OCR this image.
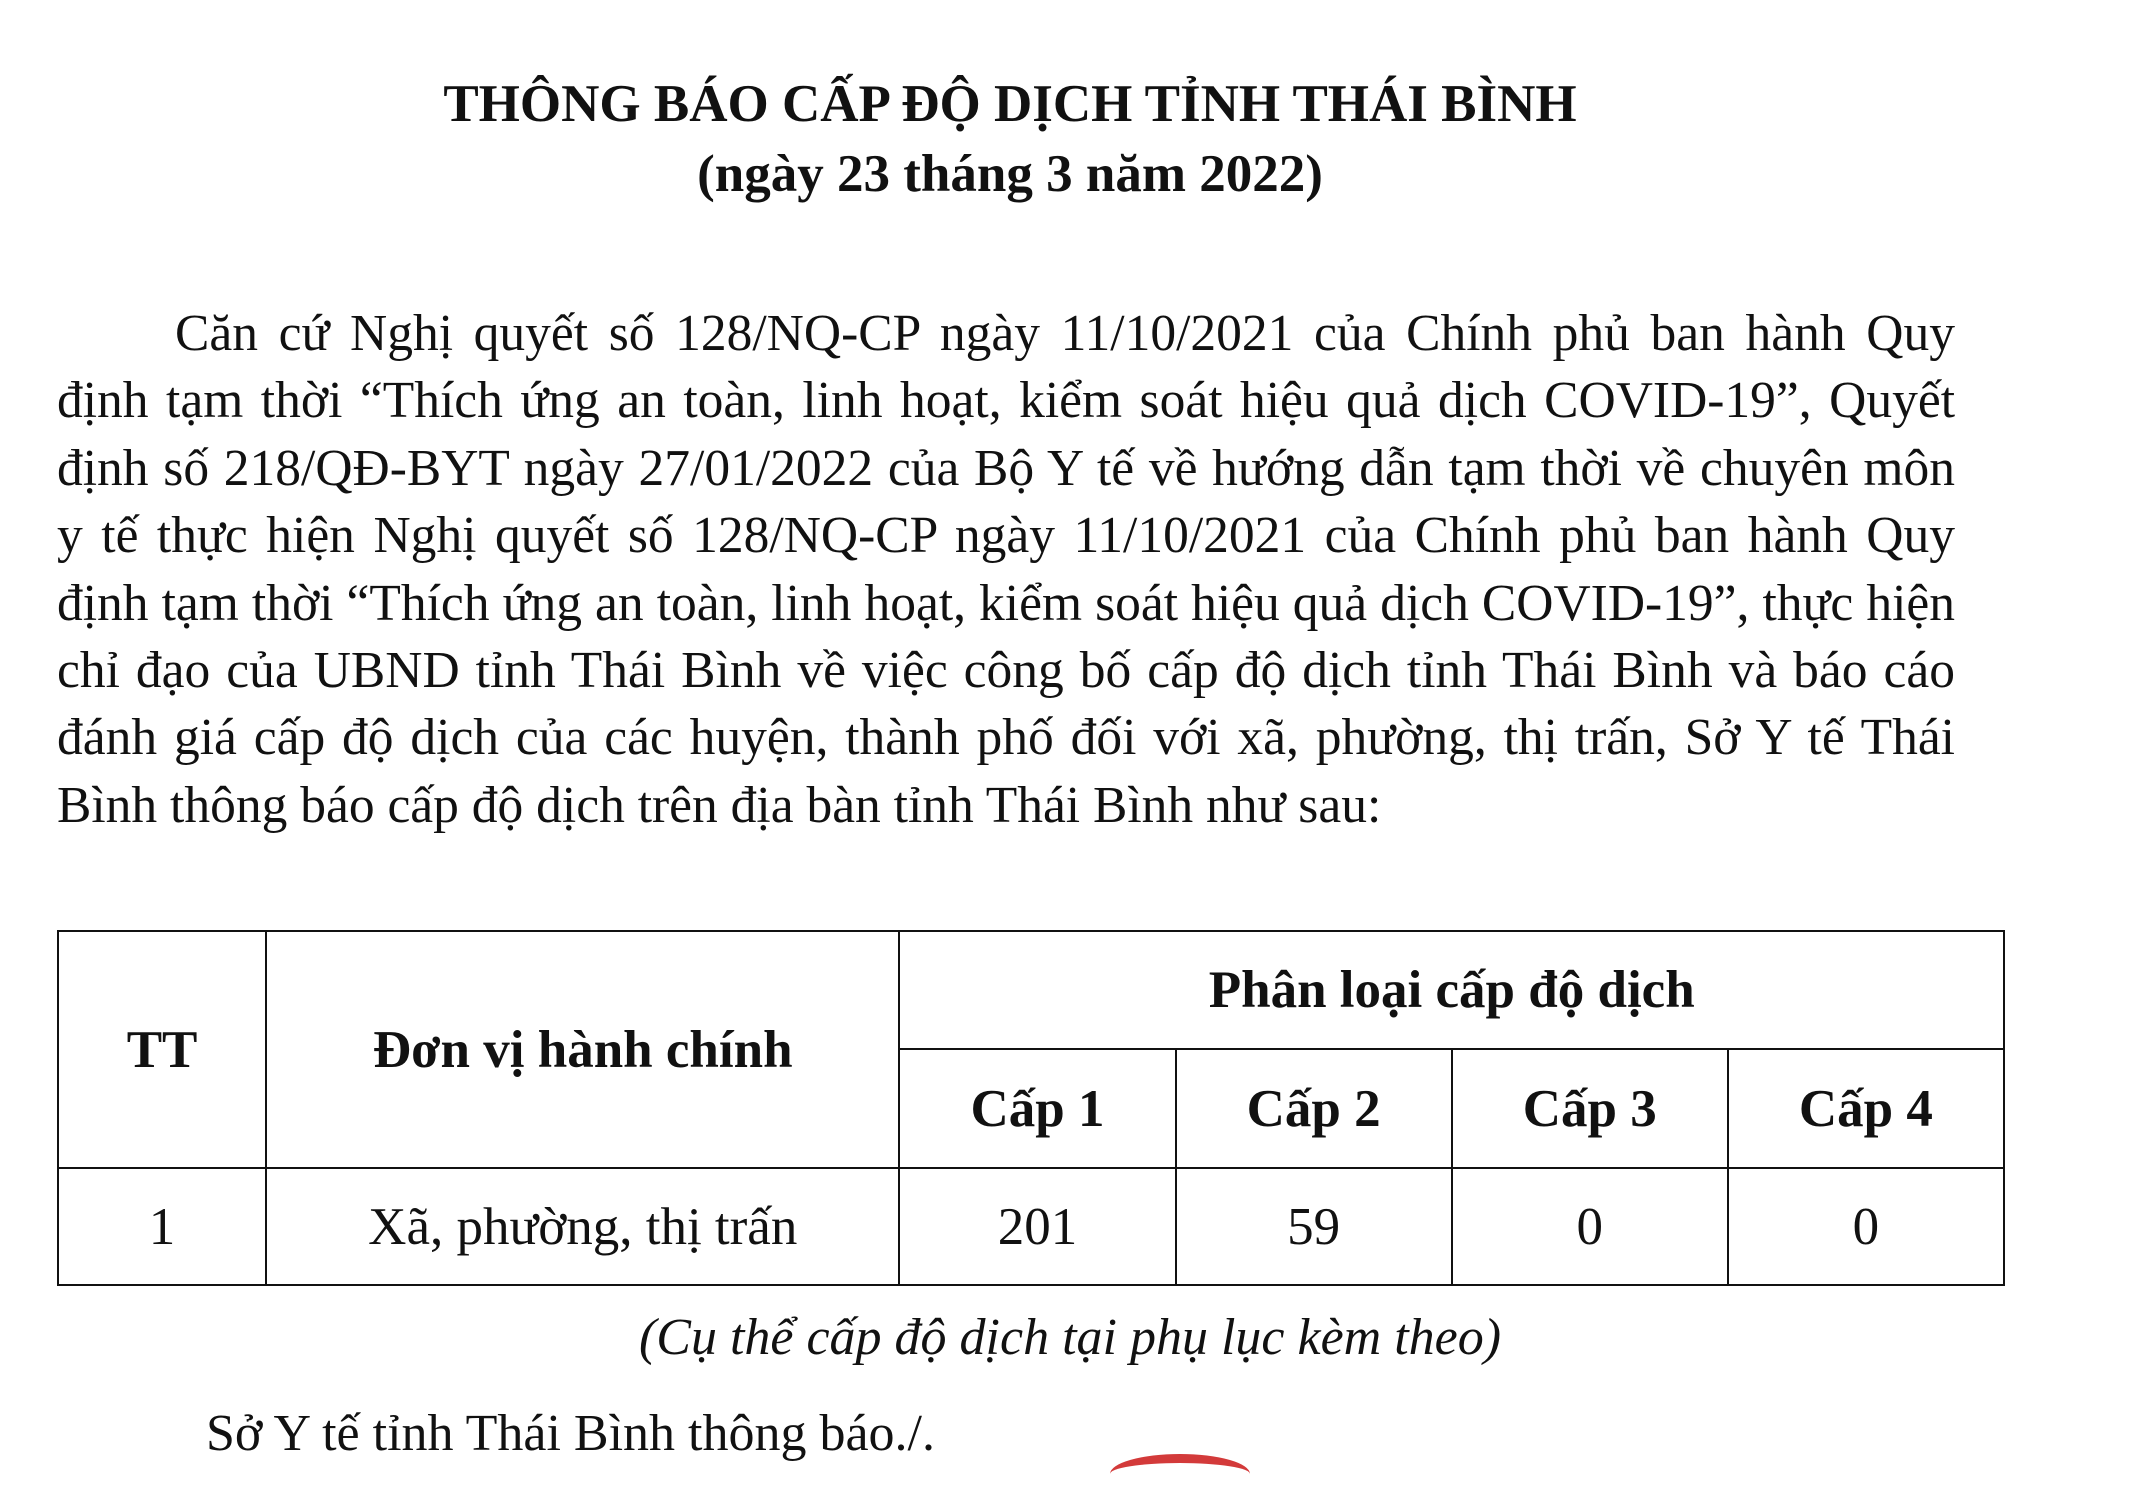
THÔNG BÁO CẤP ĐỘ DỊCH TỈNH THÁI BÌNH
(ngày 23 tháng 3 năm 2022)

Căn cứ Nghị quyết số 128/NQ-CP ngày 11/10/2021 của Chính phủ ban hành Quy định tạm thời “Thích ứng an toàn, linh hoạt, kiểm soát hiệu quả dịch COVID-19”, Quyết định số 218/QĐ-BYT ngày 27/01/2022 của Bộ Y tế về hướng dẫn tạm thời về chuyên môn y tế thực hiện Nghị quyết số 128/NQ-CP ngày 11/10/2021 của Chính phủ ban hành Quy định tạm thời “Thích ứng an toàn, linh hoạt, kiểm soát hiệu quả dịch COVID-19”, thực hiện chỉ đạo của UBND tỉnh Thái Bình về việc công bố cấp độ dịch tỉnh Thái Bình và báo cáo đánh giá cấp độ dịch của các huyện, thành phố đối với xã, phường, thị trấn, Sở Y tế Thái Bình thông báo cấp độ dịch trên địa bàn tỉnh Thái Bình như sau:

TT	Đơn vị hành chính	Phân loại cấp độ dịch			
		Cấp 1	Cấp 2	Cấp 3	Cấp 4
1	Xã, phường, thị trấn	201	59	0	0

(Cụ thể cấp độ dịch tại phụ lục kèm theo)

Sở Y tế tỉnh Thái Bình thông báo./.
